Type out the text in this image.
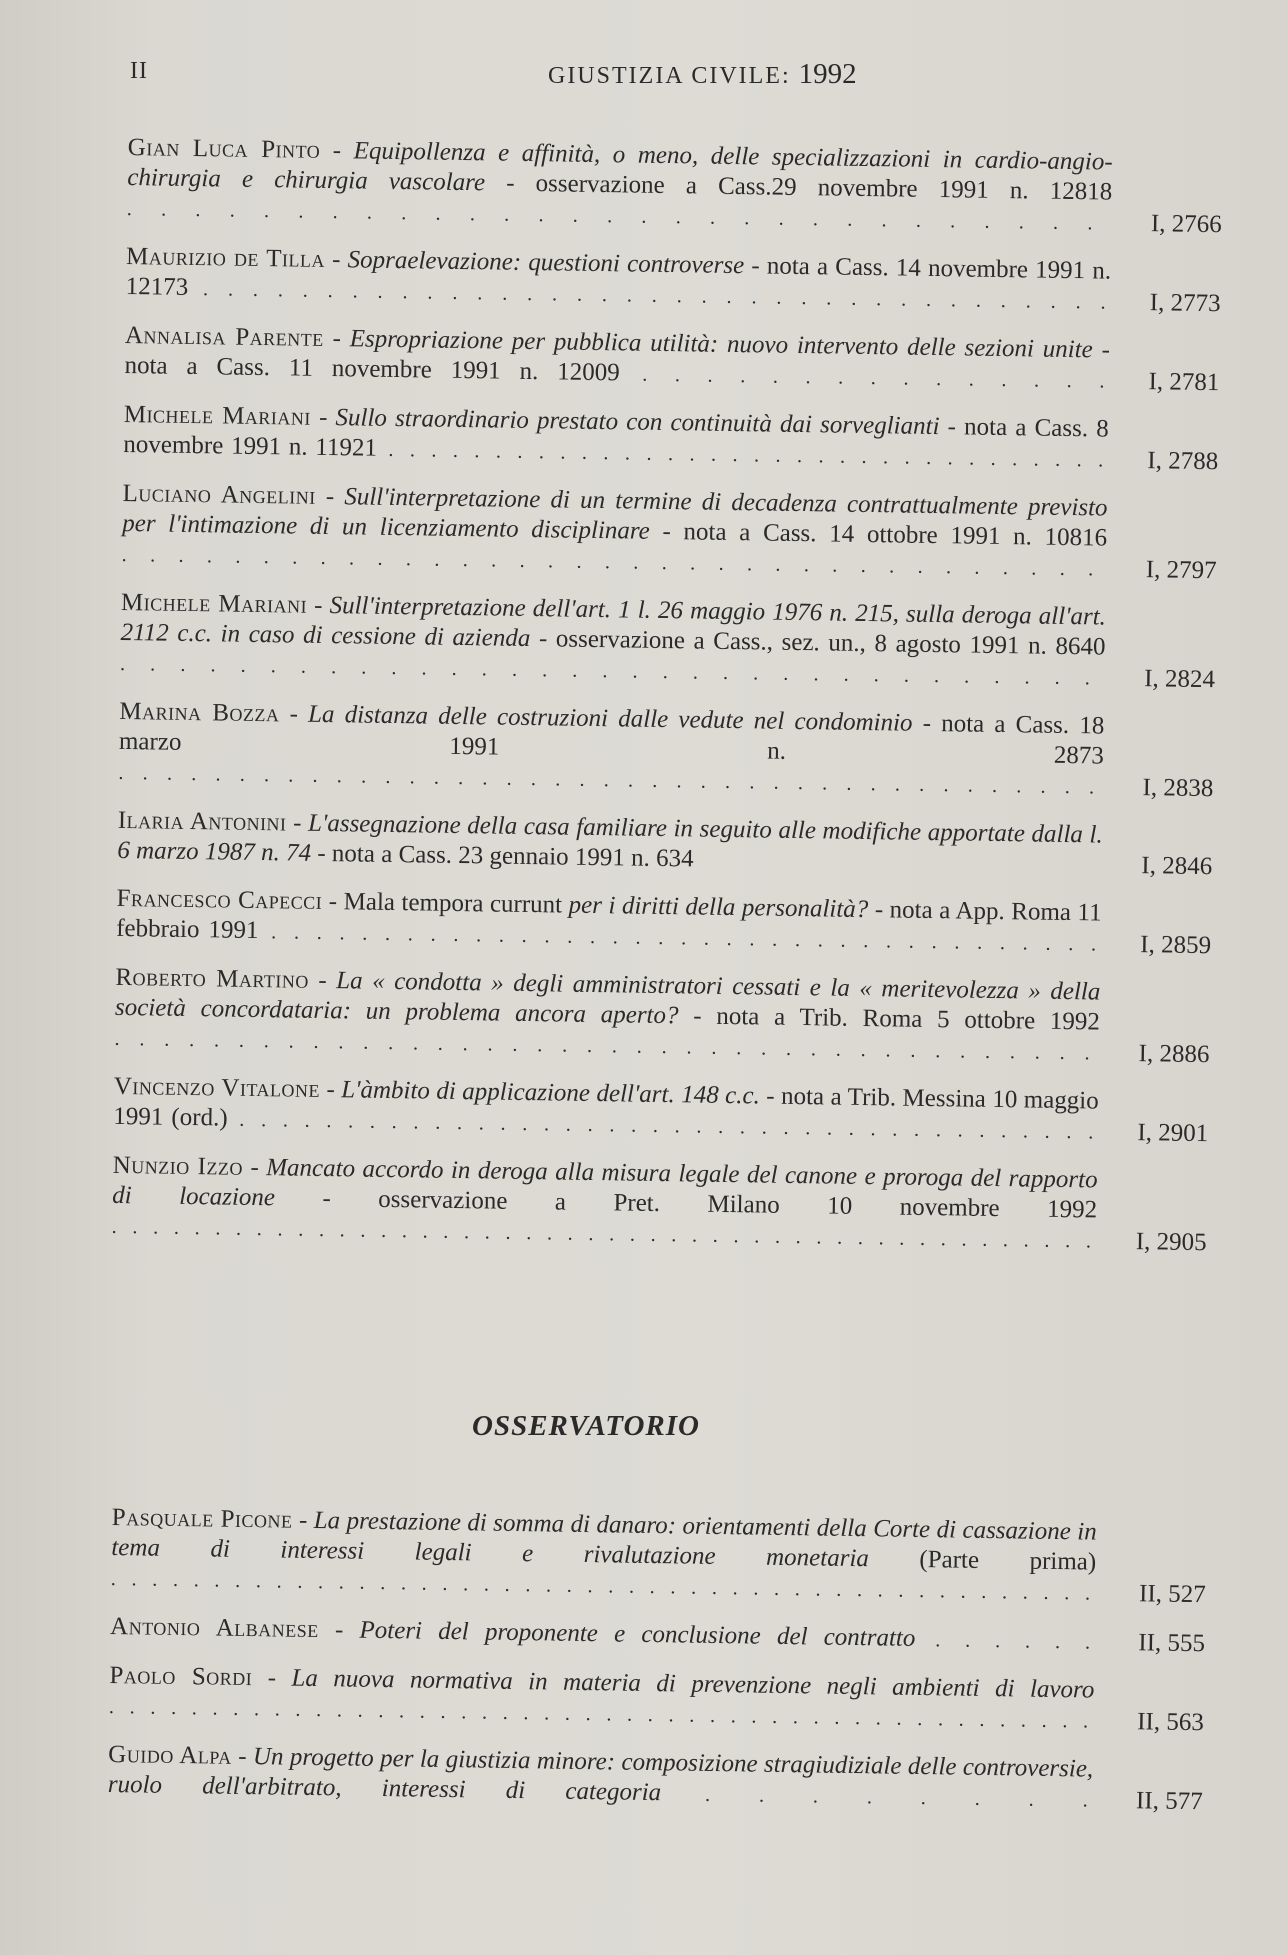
II	GIUSTIZIA CIVILE: 1992
Gian Luca Pinto - Equipollenza e affinità, o meno, delle specializzazioni in cardio-angio-chirurgia e chirurgia vascolare - osservazione a Cass.29 novembre 1991 n. 12818 . . . . . . . . . . . . . . . . . . . . . . . . . . . . .	I, 2766
Maurizio de Tilla - Sopraelevazione: questioni controverse - nota a Cass. 14 novembre 1991 n. 12173 . . . . . . . . . . . . . . . . . . . . . . . . . . . . . . . . . . . . .	I, 2773
Annalisa Parente - Espropriazione per pubblica utilità: nuovo intervento delle sezioni unite - nota a Cass. 11 novembre 1991 n. 12009 . . . . . . . . . . . . . . .	I, 2781
Michele Mariani - Sullo straordinario prestato con continuità dai sorveglianti - nota a Cass. 8 novembre 1991 n. 11921 . . . . . . . . . . . . . . . . . . . . . . . . . . . . . . . . . .	I, 2788
Luciano Angelini - Sull'interpretazione di un termine di decadenza contrattualmente previsto per l'intimazione di un licenziamento disciplinare - nota a Cass. 14 ottobre 1991 n. 10816 . . . . . . . . . . . . . . . . . . . . . . . . . . . . . . . . . . .	I, 2797
Michele Mariani - Sull'interpretazione dell'art. 1 l. 26 maggio 1976 n. 215, sulla deroga all'art. 2112 c.c. in caso di cessione di azienda - osservazione a Cass., sez. un., 8 agosto 1991 n. 8640 . . . . . . . . . . . . . . . . . . . . . . . . . . . . . . . . .	I, 2824
Marina Bozza - La distanza delle costruzioni dalle vedute nel condominio - nota a Cass. 18 marzo 1991 n. 2873 . . . . . . . . . . . . . . . . . . . . . . . . . . . . . . . . . . . . . . . . .	I, 2838
Ilaria Antonini - L'assegnazione della casa familiare in seguito alle modifiche apportate dalla l. 6 marzo 1987 n. 74 - nota a Cass. 23 gennaio 1991 n. 634	I, 2846
Francesco Capecci - Mala tempora currunt per i diritti della personalità? - nota a App. Roma 11 febbraio 1991 . . . . . . . . . . . . . . . . . . . . . . . . . . . . . . . . . . . . .	I, 2859
Roberto Martino - La « condotta » degli amministratori cessati e la « meritevolezza » della società concordataria: un problema ancora aperto? - nota a Trib. Roma 5 ottobre 1992 . . . . . . . . . . . . . . . . . . . . . . . . . . . . . . . . . . . . . . . .	I, 2886
Vincenzo Vitalone - L'àmbito di applicazione dell'art. 148 c.c. - nota a Trib. Messina 10 maggio 1991 (ord.) . . . . . . . . . . . . . . . . . . . . . . . . . . . . . . . . . . . . . . . .	I, 2901
Nunzio Izzo - Mancato accordo in deroga alla misura legale del canone e proroga del rapporto di locazione - osservazione a Pret. Milano 10 novembre 1992 . . . . . . . . . . . . . . . . . . . . . . . . . . . . . . . . . . . . . . . . . . . . . . . .	I, 2905
OSSERVATORIO
Pasquale Picone - La prestazione di somma di danaro: orientamenti della Corte di cassazione in tema di interessi legali e rivalutazione monetaria (Parte prima) . . . . . . . . . . . . . . . . . . . . . . . . . . . . . . . . . . . . . . . . . . . . . . . .	II, 527
Antonio Albanese - Poteri del proponente e conclusione del contratto . . . . . .	II, 555
Paolo Sordi - La nuova normativa in materia di prevenzione negli ambienti di lavoro . . . . . . . . . . . . . . . . . . . . . . . . . . . . . . . . . . . . . . . . . . . . . . . .	II, 563
Guido Alpa - Un progetto per la giustizia minore: composizione stragiudiziale delle controversie, ruolo dell'arbitrato, interessi di categoria . . . . . . . .	II, 577
